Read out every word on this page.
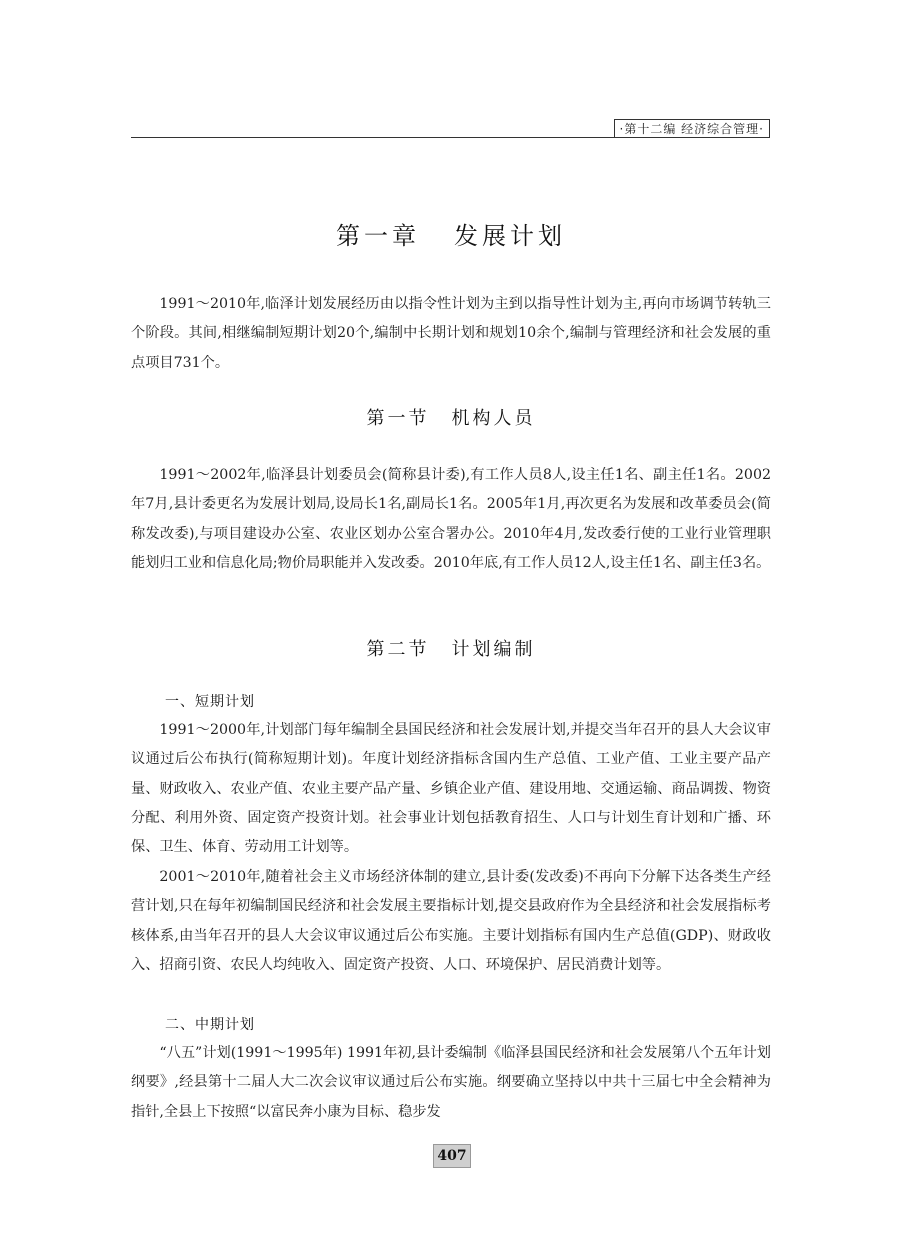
·第十二编 经济综合管理·
第一章 发展计划

1991～2010年,临泽计划发展经历由以指令性计划为主到以指导性计划为主,再向市场调节转轨三个阶段。其间,相继编制短期计划20个,编制中长期计划和规划10余个,编制与管理经济和社会发展的重点项目731个。

第一节 机构人员

1991～2002年,临泽县计划委员会(简称县计委),有工作人员8人,设主任1名、副主任1名。2002年7月,县计委更名为发展计划局,设局长1名,副局长1名。2005年1月,再次更名为发展和改革委员会(简称发改委),与项目建设办公室、农业区划办公室合署办公。2010年4月,发改委行使的工业行业管理职能划归工业和信息化局;物价局职能并入发改委。2010年底,有工作人员12人,设主任1名、副主任3名。

第二节 计划编制
一、短期计划

1991～2000年,计划部门每年编制全县国民经济和社会发展计划,并提交当年召开的县人大会议审议通过后公布执行(简称短期计划)。年度计划经济指标含国内生产总值、工业产值、工业主要产品产量、财政收入、农业产值、农业主要产品产量、乡镇企业产值、建设用地、交通运输、商品调拨、物资分配、利用外资、固定资产投资计划。社会事业计划包括教育招生、人口与计划生育计划和广播、环保、卫生、体育、劳动用工计划等。

2001～2010年,随着社会主义市场经济体制的建立,县计委(发改委)不再向下分解下达各类生产经营计划,只在每年初编制国民经济和社会发展主要指标计划,提交县政府作为全县经济和社会发展指标考核体系,由当年召开的县人大会议审议通过后公布实施。主要计划指标有国内生产总值(GDP)、财政收入、招商引资、农民人均纯收入、固定资产投资、人口、环境保护、居民消费计划等。

二、中期计划

“八五”计划(1991～1995年) 1991年初,县计委编制《临泽县国民经济和社会发展第八个五年计划纲要》,经县第十二届人大二次会议审议通过后公布实施。纲要确立坚持以中共十三届七中全会精神为指针,全县上下按照“以富民奔小康为目标、稳步发

407
